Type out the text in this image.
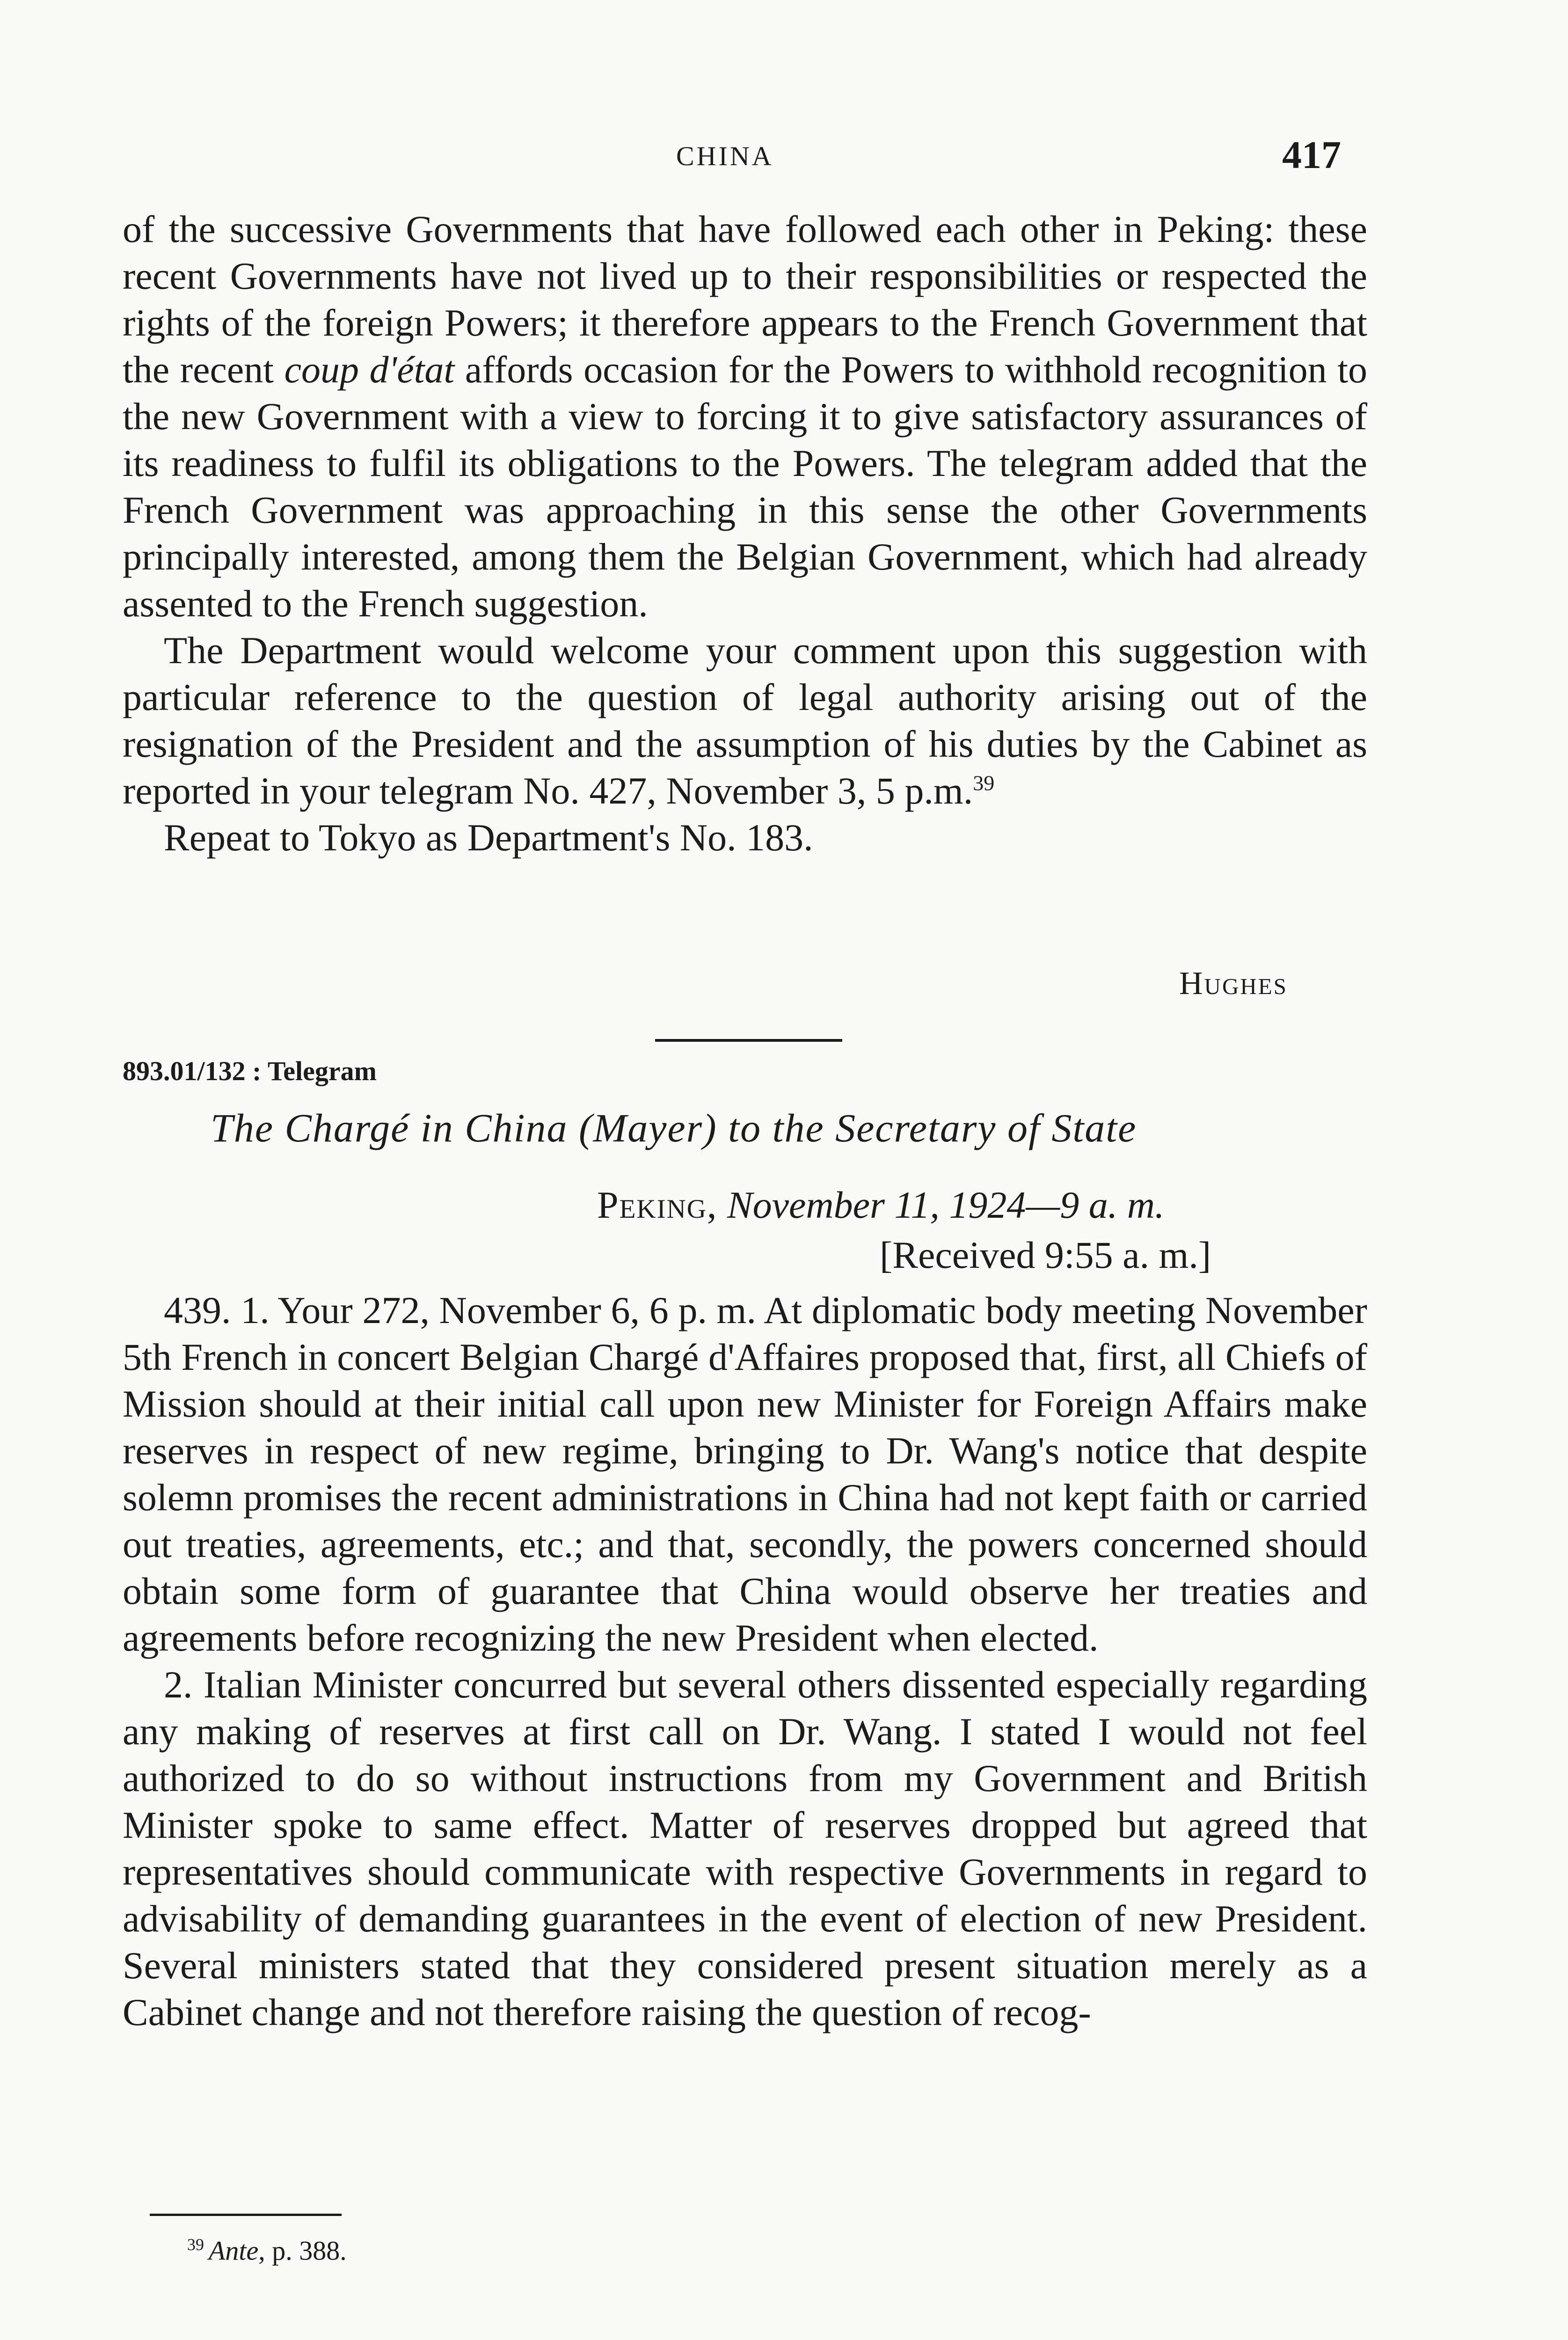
CHINA	417

of the successive Governments that have followed each other in Peking: these recent Governments have not lived up to their responsibilities or respected the rights of the foreign Powers; it therefore appears to the French Government that the recent coup d'état affords occasion for the Powers to withhold recognition to the new Government with a view to forcing it to give satisfactory assurances of its readiness to fulfil its obligations to the Powers. The telegram added that the French Government was approaching in this sense the other Governments principally interested, among them the Belgian Government, which had already assented to the French suggestion.

The Department would welcome your comment upon this suggestion with particular reference to the question of legal authority arising out of the resignation of the President and the assumption of his duties by the Cabinet as reported in your telegram No. 427, November 3, 5 p.m.$^{39}$

Repeat to Tokyo as Department's No. 183.

Hughes
893.01/132 : Telegram
The Chargé in China (Mayer) to the Secretary of State
Peking, November 11, 1924—9 a. m.
[Received 9:55 a. m.]

439. 1. Your 272, November 6, 6 p. m. At diplomatic body meeting November 5th French in concert Belgian Chargé d'Affaires proposed that, first, all Chiefs of Mission should at their initial call upon new Minister for Foreign Affairs make reserves in respect of new regime, bringing to Dr. Wang's notice that despite solemn promises the recent administrations in China had not kept faith or carried out treaties, agreements, etc.; and that, secondly, the powers concerned should obtain some form of guarantee that China would observe her treaties and agreements before recognizing the new President when elected.

2. Italian Minister concurred but several others dissented especially regarding any making of reserves at first call on Dr. Wang. I stated I would not feel authorized to do so without instructions from my Government and British Minister spoke to same effect. Matter of reserves dropped but agreed that representatives should communicate with respective Governments in regard to advisability of demanding guarantees in the event of election of new President. Several ministers stated that they considered present situation merely as a Cabinet change and not therefore raising the question of recog-

$^{39}$ Ante, p. 388.
